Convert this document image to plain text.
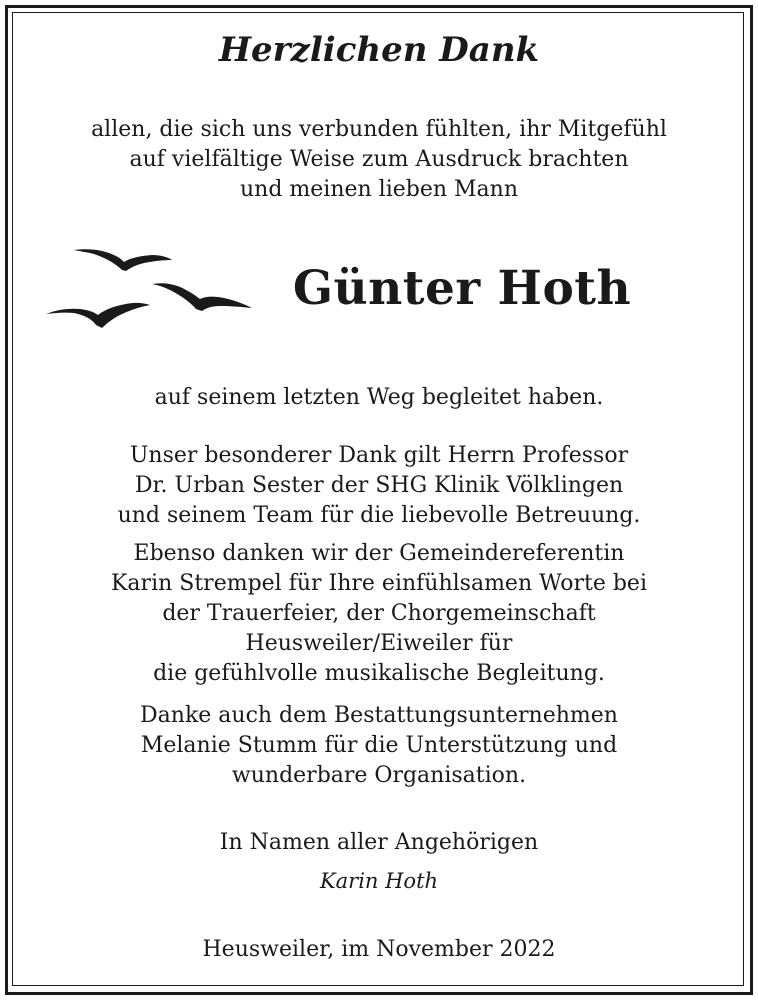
Herzlichen Dank
allen, die sich uns verbunden fühlten, ihr Mitgefühl
auf vielfältige Weise zum Ausdruck brachten
und meinen lieben Mann
Günter Hoth
auf seinem letzten Weg begleitet haben.
Unser besonderer Dank gilt Herrn Professor
Dr. Urban Sester der SHG Klinik Völklingen
und seinem Team für die liebevolle Betreuung.
Ebenso danken wir der Gemeindereferentin
Karin Strempel für Ihre einfühlsamen Worte bei
der Trauerfeier, der Chorgemeinschaft
Heusweiler/Eiweiler für
die gefühlvolle musikalische Begleitung.
Danke auch dem Bestattungsunternehmen
Melanie Stumm für die Unterstützung und
wunderbare Organisation.
In Namen aller Angehörigen
Karin Hoth
Heusweiler, im November 2022
